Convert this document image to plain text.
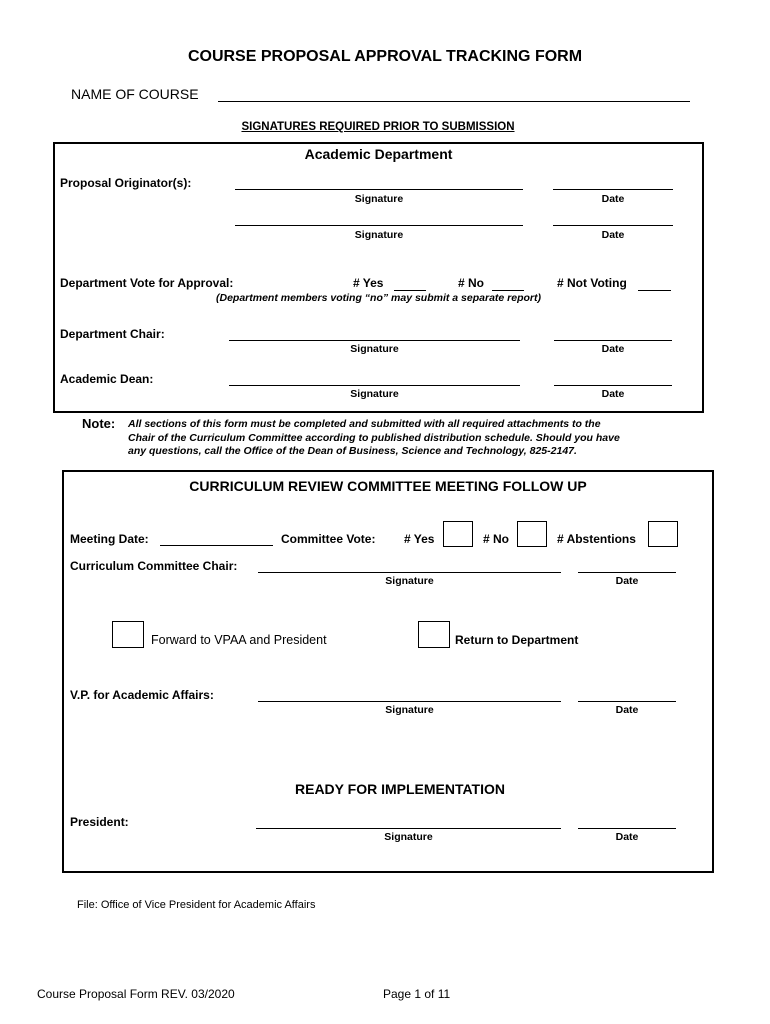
COURSE PROPOSAL APPROVAL TRACKING FORM
NAME OF COURSE
SIGNATURES REQUIRED PRIOR TO SUBMISSION
Academic Department
Proposal Originator(s):
Signature	Date
Signature	Date
Department Vote for Approval:	# Yes	# No	# Not Voting
(Department members voting “no” may submit a separate report)
Department Chair:
Signature	Date
Academic Dean:
Signature	Date
Note: All sections of this form must be completed and submitted with all required attachments to the
Chair of the Curriculum Committee according to published distribution schedule. Should you have
any questions, call the Office of the Dean of Business, Science and Technology, 825-2147.
CURRICULUM REVIEW COMMITTEE MEETING FOLLOW UP
Meeting Date:	Committee Vote: # Yes	# No	# Abstentions
Curriculum Committee Chair:
Signature	Date
Forward to VPAA and President	Return to Department
V.P. for Academic Affairs:
Signature	Date
READY FOR IMPLEMENTATION
President:
Signature	Date
File: Office of Vice President for Academic Affairs
Course Proposal Form REV. 03/2020	Page 1 of 11
